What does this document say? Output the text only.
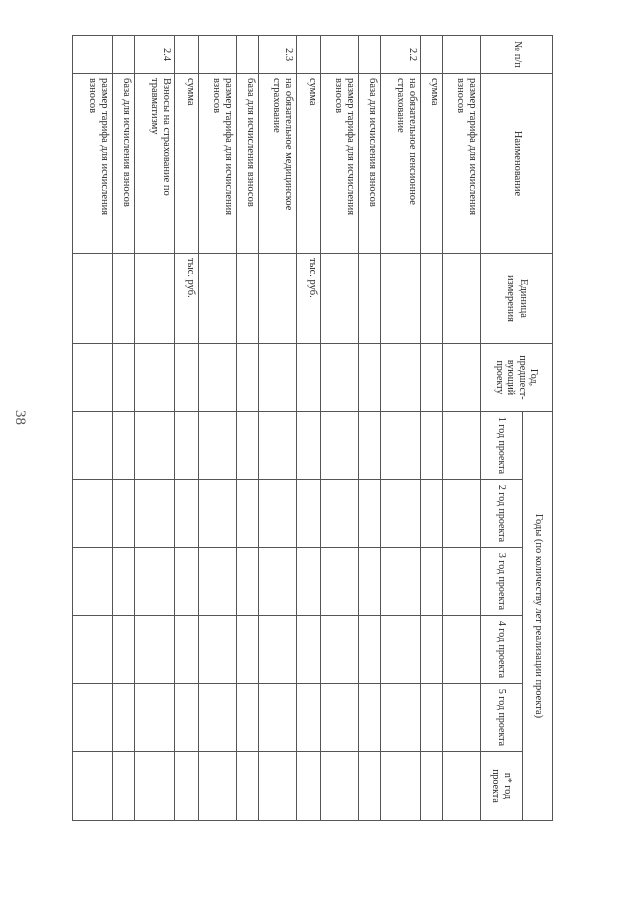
38
№ п/п	Наименование	Единица измерения	Год, предшест-вующий проекту	Годы (по количеству лет реализации проекта)					
				1 год проекта	2 год проекта	3 год проекта	4 год проекта	5 год проекта	n* год проекта
	размер тарифа для исчисления взносов								
	сумма								
2.2	на обязательное пенсионное страхование								
	база для исчисления взносов								
	размер тарифа для исчисления взносов								
	сумма	тыс. руб.							
2.3	на обязательное медицинское страхование								
	база для исчисления взносов								
	размер тарифа для исчисления взносов								
	сумма	тыс. руб.							
2.4	Взносы на страхование по травматизму								
	база для исчисления взносов								
	размер тарифа для исчисления взносов								
